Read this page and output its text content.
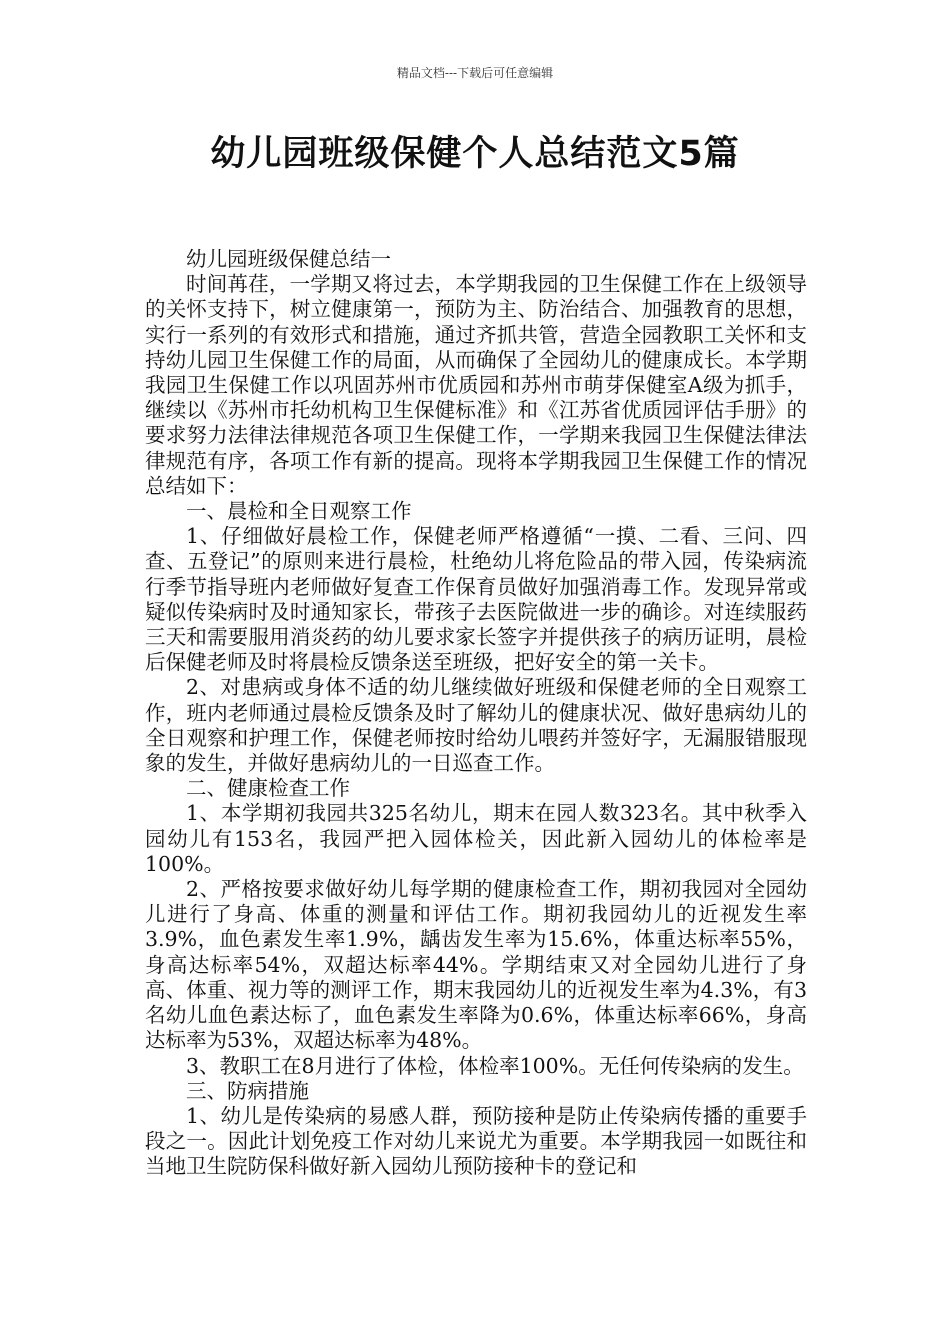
精品文档---下载后可任意编辑
幼儿园班级保健个人总结范文5篇

幼儿园班级保健总结一

时间苒荏，一学期又将过去，本学期我园的卫生保健工作在上级领导的关怀支持下，树立健康第一，预防为主、防治结合、加强教育的思想，实行一系列的有效形式和措施，通过齐抓共管，营造全园教职工关怀和支持幼儿园卫生保健工作的局面，从而确保了全园幼儿的健康成长。本学期我园卫生保健工作以巩固苏州市优质园和苏州市萌芽保健室A级为抓手，继续以《苏州市托幼机构卫生保健标准》和《江苏省优质园评估手册》的要求努力法律法律规范各项卫生保健工作，一学期来我园卫生保健法律法律规范有序，各项工作有新的提高。现将本学期我园卫生保健工作的情况总结如下：

一、晨检和全日观察工作

1、仔细做好晨检工作，保健老师严格遵循“一摸、二看、三问、四查、五登记”的原则来进行晨检，杜绝幼儿将危险品的带入园，传染病流行季节指导班内老师做好复查工作保育员做好加强消毒工作。发现异常或疑似传染病时及时通知家长，带孩子去医院做进一步的确诊。对连续服药三天和需要服用消炎药的幼儿要求家长签字并提供孩子的病历证明，晨检后保健老师及时将晨检反馈条送至班级，把好安全的第一关卡。

2、对患病或身体不适的幼儿继续做好班级和保健老师的全日观察工作，班内老师通过晨检反馈条及时了解幼儿的健康状况、做好患病幼儿的全日观察和护理工作，保健老师按时给幼儿喂药并签好字，无漏服错服现象的发生，并做好患病幼儿的一日巡查工作。

二、健康检查工作

1、本学期初我园共325名幼儿，期末在园人数323名。其中秋季入园幼儿有153名，我园严把入园体检关，因此新入园幼儿的体检率是100%。

2、严格按要求做好幼儿每学期的健康检查工作，期初我园对全园幼儿进行了身高、体重的测量和评估工作。期初我园幼儿的近视发生率3.9%，血色素发生率1.9%，龋齿发生率为15.6%，体重达标率55%，身高达标率54%，双超达标率44%。学期结束又对全园幼儿进行了身高、体重、视力等的测评工作，期末我园幼儿的近视发生率为4.3%，有3名幼儿血色素达标了，血色素发生率降为0.6%，体重达标率66%，身高达标率为53%，双超达标率为48%。

3、教职工在8月进行了体检，体检率100%。无任何传染病的发生。

三、防病措施

1、幼儿是传染病的易感人群，预防接种是防止传染病传播的重要手段之一。因此计划免疫工作对幼儿来说尤为重要。本学期我园一如既往和当地卫生院防保科做好新入园幼儿预防接种卡的登记和
